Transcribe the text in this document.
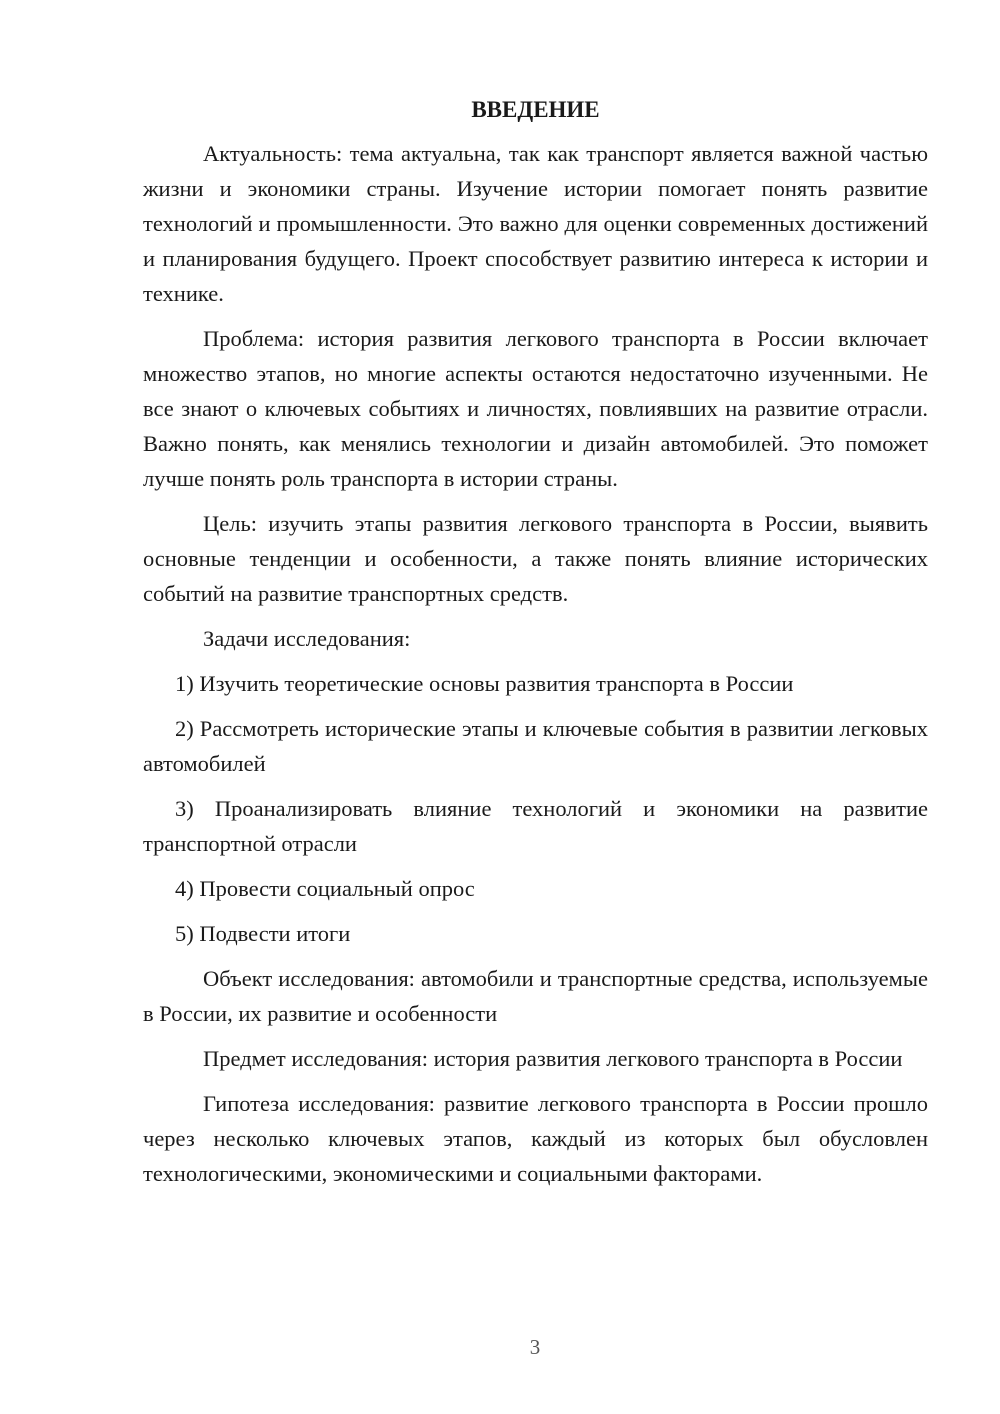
ВВЕДЕНИЕ

Актуальность: тема актуальна, так как транспорт является важной частью жизни и экономики страны. Изучение истории помогает понять развитие технологий и промышленности. Это важно для оценки современных достижений и планирования будущего. Проект способствует развитию интереса к истории и технике.

Проблема: история развития легкового транспорта в России включает множество этапов, но многие аспекты остаются недостаточно изученными. Не все знают о ключевых событиях и личностях, повлиявших на развитие отрасли. Важно понять, как менялись технологии и дизайн автомобилей. Это поможет лучше понять роль транспорта в истории страны.

Цель: изучить этапы развития легкового транспорта в России, выявить основные тенденции и особенности, а также понять влияние исторических событий на развитие транспортных средств.

Задачи исследования:

1) Изучить теоретические основы развития транспорта в России

2) Рассмотреть исторические этапы и ключевые события в развитии легковых автомобилей

3) Проанализировать влияние технологий и экономики на развитие транспортной отрасли

4) Провести социальный опрос

5) Подвести итоги

Объект исследования: автомобили и транспортные средства, используемые в России, их развитие и особенности

Предмет исследования: история развития легкового транспорта в России

Гипотеза исследования: развитие легкового транспорта в России прошло через несколько ключевых этапов, каждый из которых был обусловлен технологическими, экономическими и социальными факторами.

3
